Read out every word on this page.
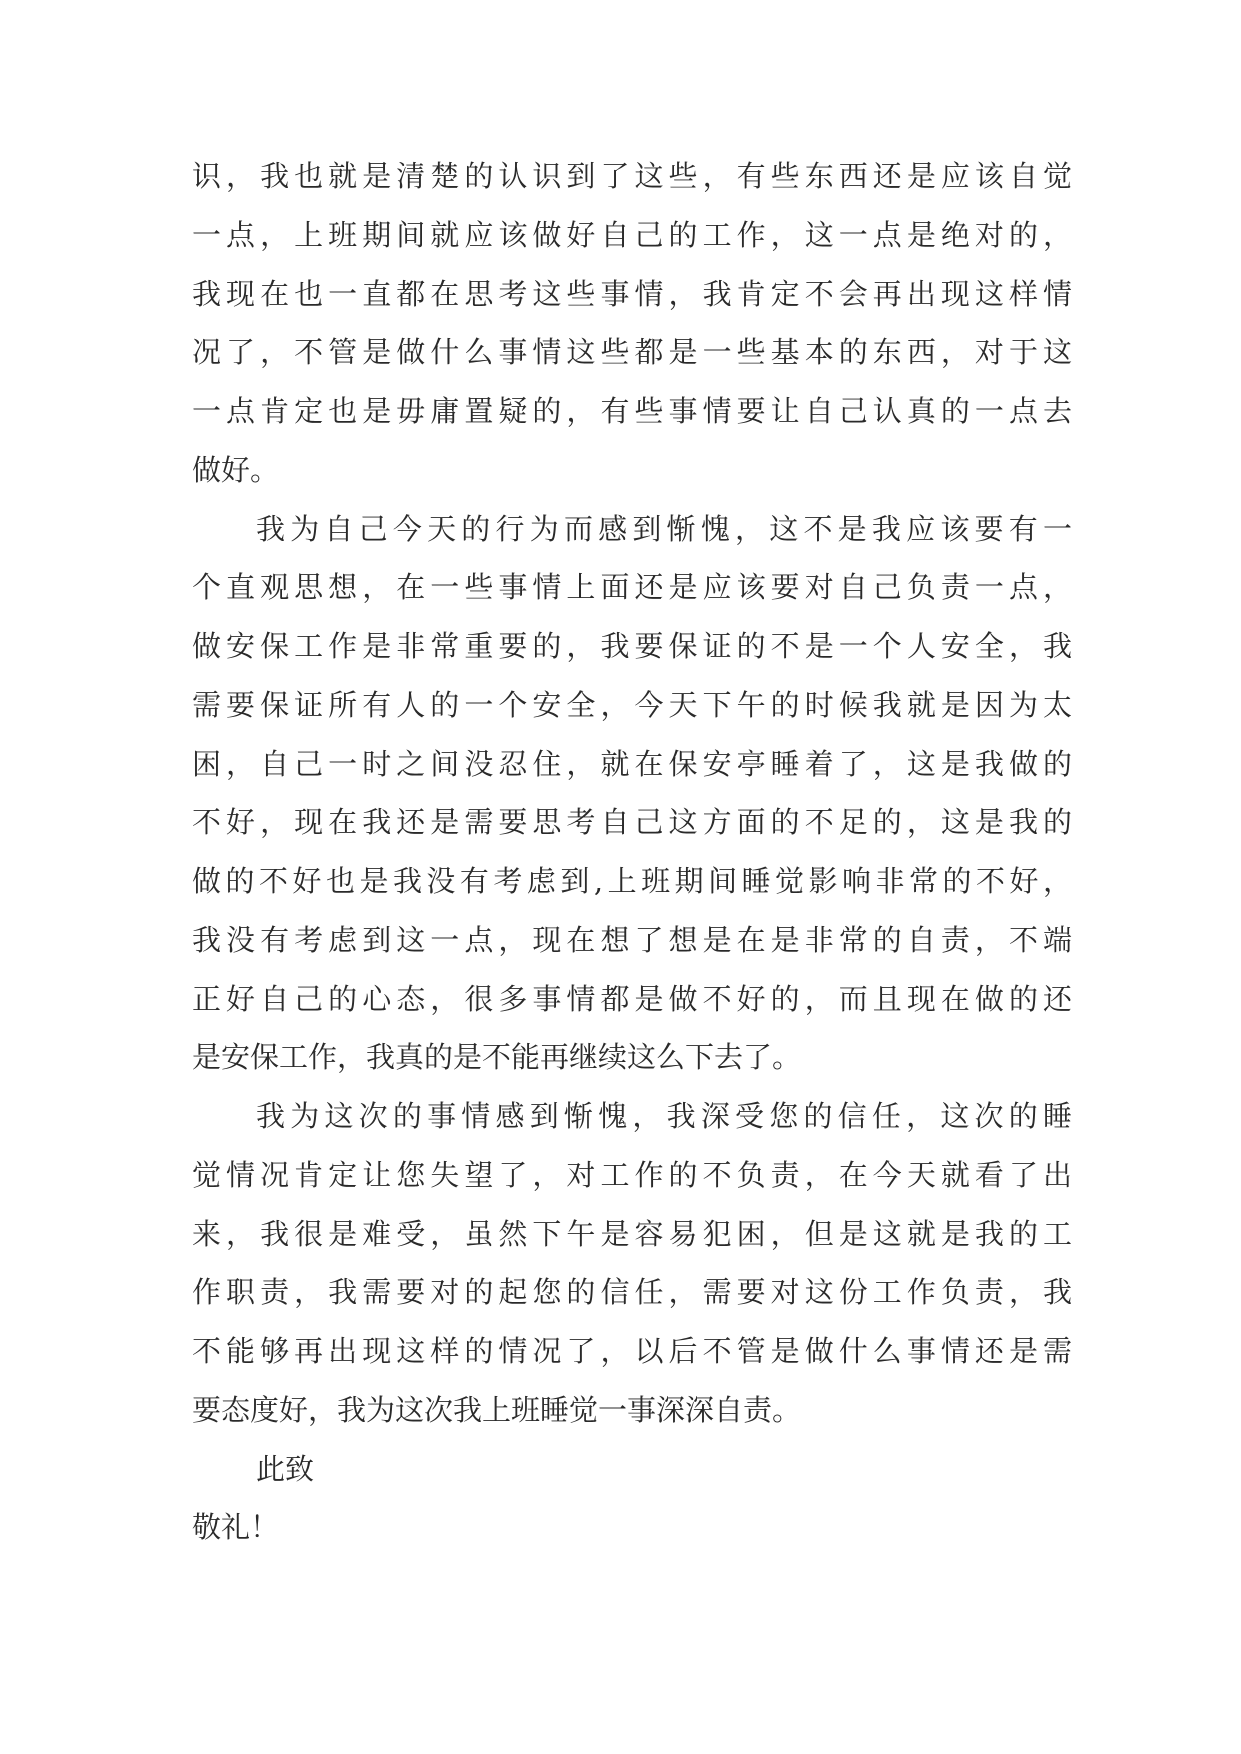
识，我也就是清楚的认识到了这些，有些东西还是应该自觉
一点，上班期间就应该做好自己的工作，这一点是绝对的，
我现在也一直都在思考这些事情，我肯定不会再出现这样情
况了，不管是做什么事情这些都是一些基本的东西，对于这
一点肯定也是毋庸置疑的，有些事情要让自己认真的一点去
做好。
我为自己今天的行为而感到惭愧，这不是我应该要有一
个直观思想，在一些事情上面还是应该要对自己负责一点，
做安保工作是非常重要的，我要保证的不是一个人安全，我
需要保证所有人的一个安全，今天下午的时候我就是因为太
困，自己一时之间没忍住，就在保安亭睡着了，这是我做的
不好，现在我还是需要思考自己这方面的不足的，这是我的
做的不好也是我没有考虑到,上班期间睡觉影响非常的不好，
我没有考虑到这一点，现在想了想是在是非常的自责，不端
正好自己的心态，很多事情都是做不好的，而且现在做的还
是安保工作，我真的是不能再继续这么下去了。
我为这次的事情感到惭愧，我深受您的信任，这次的睡
觉情况肯定让您失望了，对工作的不负责，在今天就看了出
来，我很是难受，虽然下午是容易犯困，但是这就是我的工
作职责，我需要对的起您的信任，需要对这份工作负责，我
不能够再出现这样的情况了，以后不管是做什么事情还是需
要态度好，我为这次我上班睡觉一事深深自责。
此致
敬礼！
